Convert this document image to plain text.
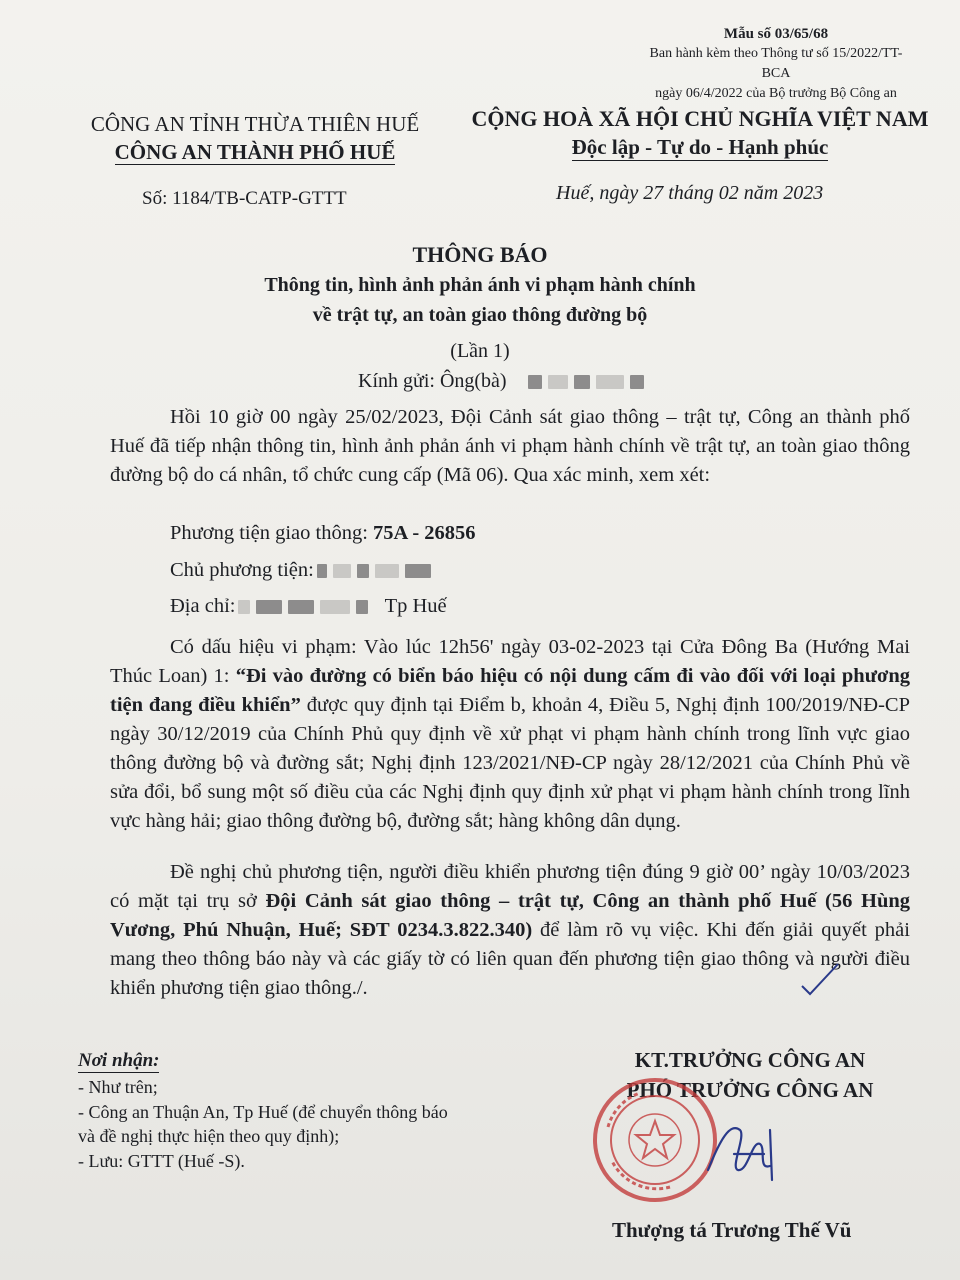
Mẫu số 03/65/68
Ban hành kèm theo Thông tư số 15/2022/TT-BCA
ngày 06/4/2022 của Bộ trưởng Bộ Công an
CÔNG AN TỈNH THỪA THIÊN HUẾ
CÔNG AN THÀNH PHỐ HUẾ
CỘNG HOÀ XÃ HỘI CHỦ NGHĨA VIỆT NAM
Độc lập - Tự do - Hạnh phúc
Số: 1184/TB-CATP-GTTT	Huế, ngày 27 tháng 02 năm 2023
THÔNG BÁO
Thông tin, hình ảnh phản ánh vi phạm hành chính
về trật tự, an toàn giao thông đường bộ
(Lần 1)
Kính gửi: Ông(bà)
Hồi 10 giờ 00 ngày 25/02/2023, Đội Cảnh sát giao thông – trật tự, Công an thành phố Huế đã tiếp nhận thông tin, hình ảnh phản ánh vi phạm hành chính về trật tự, an toàn giao thông đường bộ do cá nhân, tổ chức cung cấp (Mã 06). Qua xác minh, xem xét:
Phương tiện giao thông: 75A - 26856
Chủ phương tiện:
Địa chỉ:	Tp Huế
Có dấu hiệu vi phạm: Vào lúc 12h56' ngày 03-02-2023 tại Cửa Đông Ba (Hướng Mai Thúc Loan) 1: “Đi vào đường có biển báo hiệu có nội dung cấm đi vào đối với loại phương tiện đang điều khiển” được quy định tại Điểm b, khoản 4, Điều 5, Nghị định 100/2019/NĐ-CP ngày 30/12/2019 của Chính Phủ quy định về xử phạt vi phạm hành chính trong lĩnh vực giao thông đường bộ và đường sắt; Nghị định 123/2021/NĐ-CP ngày 28/12/2021 của Chính Phủ về sửa đổi, bổ sung một số điều của các Nghị định quy định xử phạt vi phạm hành chính trong lĩnh vực hàng hải; giao thông đường bộ, đường sắt; hàng không dân dụng.
Đề nghị chủ phương tiện, người điều khiển phương tiện đúng 9 giờ 00’ ngày 10/03/2023 có mặt tại trụ sở Đội Cảnh sát giao thông – trật tự, Công an thành phố Huế (56 Hùng Vương, Phú Nhuận, Huế; SĐT 0234.3.822.340) để làm rõ vụ việc. Khi đến giải quyết phải mang theo thông báo này và các giấy tờ có liên quan đến phương tiện giao thông và người điều khiển phương tiện giao thông./.
Nơi nhận:
- Như trên;
- Công an Thuận An, Tp Huế (để chuyển thông báo
và đề nghị thực hiện theo quy định);
- Lưu: GTTT (Huế -S).
KT.TRƯỞNG CÔNG AN
PHÓ TRƯỞNG CÔNG AN
Thượng tá Trương Thế Vũ
